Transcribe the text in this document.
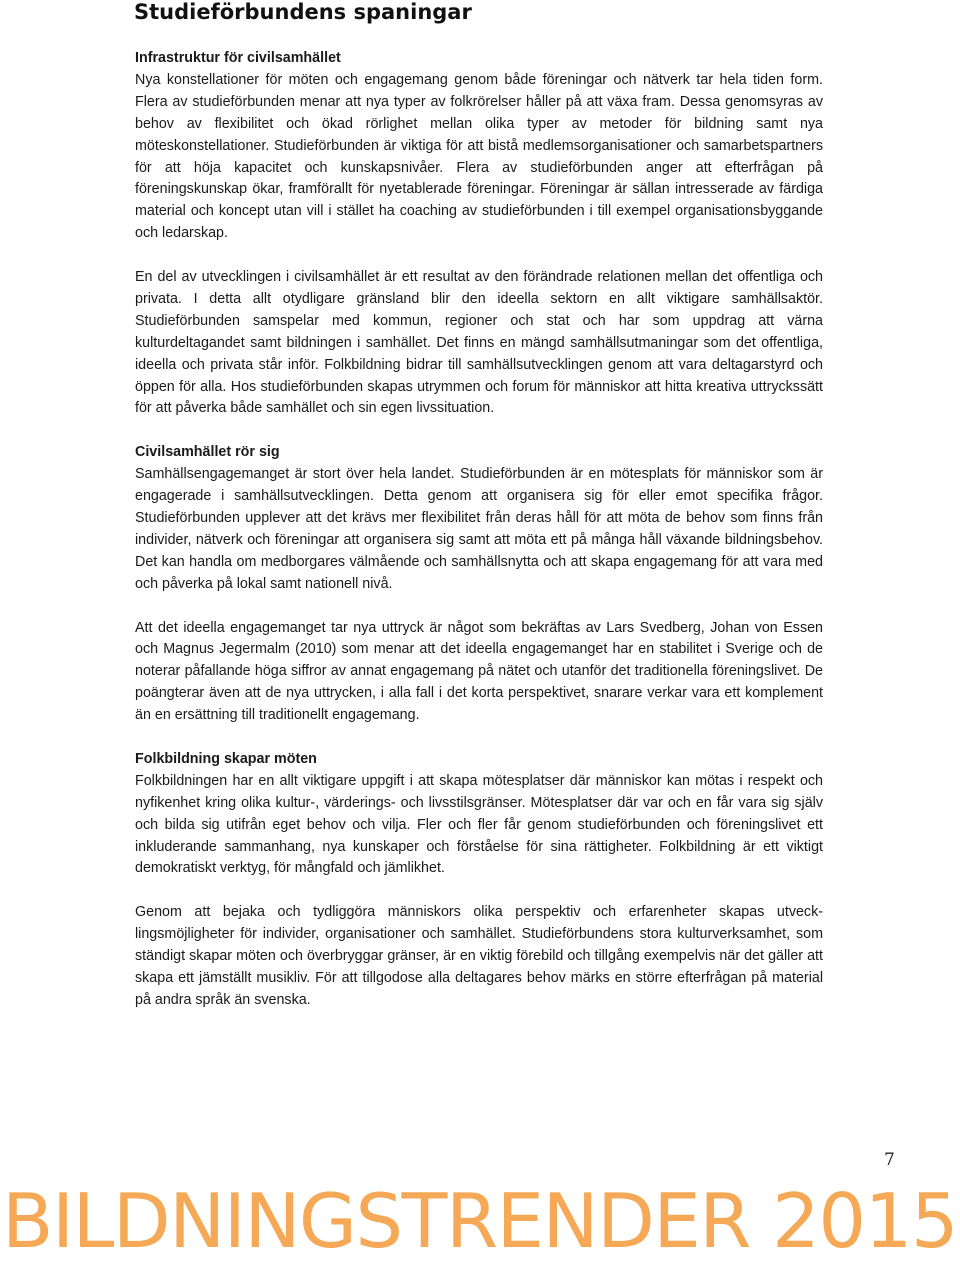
Studieförbundens spaningar
Infrastruktur för civilsamhället

Nya konstellationer för möten och engagemang genom både föreningar och nätverk tar hela tiden form. Flera av studieförbunden menar att nya typer av folkrörelser håller på att växa fram. Dessa genomsyras av behov av flexibilitet och ökad rörlighet mellan olika typer av metoder för bildning samt nya möteskonstellationer. Studieförbunden är viktiga för att bistå medlemsorganisationer och samarbetspartners för att höja kapacitet och kunskapsnivåer. Flera av studieförbunden anger att efterfrågan på föreningskunskap ökar, framförallt för nyetablerade föreningar. Föreningar är sällan intresserade av färdiga material och koncept utan vill i stället ha coaching av studieförbunden i till exempel organisationsbyggande och ledarskap.

En del av utvecklingen i civilsamhället är ett resultat av den förändrade relationen mellan det offentliga och privata. I detta allt otydligare gränsland blir den ideella sektorn en allt viktigare samhällsaktör. Studieförbunden samspelar med kommun, regioner och stat och har som uppdrag att värna kulturdeltagandet samt bildningen i samhället. Det finns en mängd samhällsutmaningar som det offentliga, ideella och privata står inför. Folkbildning bidrar till samhällsutvecklingen genom att vara deltagarstyrd och öppen för alla. Hos studieförbunden skapas utrymmen och forum för människor att hitta kreativa uttryckssätt för att påverka både samhället och sin egen livssituation.

Civilsamhället rör sig

Samhällsengagemanget är stort över hela landet. Studieförbunden är en mötesplats för människor som är engagerade i samhällsutvecklingen. Detta genom att organisera sig för eller emot specifika frågor. Studieförbunden upplever att det krävs mer flexibilitet från deras håll för att möta de behov som finns från individer, nätverk och föreningar att organisera sig samt att möta ett på många håll växande bildningsbehov. Det kan handla om medborgares välmående och samhällsnytta och att skapa engagemang för att vara med och påverka på lokal samt nationell nivå.

Att det ideella engagemanget tar nya uttryck är något som bekräftas av Lars Svedberg, Johan von Essen och Magnus Jegermalm (2010) som menar att det ideella engagemanget har en stabilitet i Sverige och de noterar påfallande höga siffror av annat engagemang på nätet och utanför det traditionella föreningslivet. De poängterar även att de nya uttrycken, i alla fall i det korta perspektivet, snarare verkar vara ett komplement än en ersättning till traditionellt engagemang.

Folkbildning skapar möten

Folkbildningen har en allt viktigare uppgift i att skapa mötesplatser där människor kan mötas i respekt och nyfikenhet kring olika kultur-, värderings- och livsstilsgränser. Mötesplatser där var och en får vara sig själv och bilda sig utifrån eget behov och vilja. Fler och fler får genom studieförbunden och föreningslivet ett inkluderande sammanhang, nya kunskaper och förståelse för sina rättigheter. Folkbildning är ett viktigt demokratiskt verktyg, för mångfald och jämlikhet.

Genom att bejaka och tydliggöra människors olika perspektiv och erfarenheter skapas utvecklingsmöjligheter för individer, organisationer och samhället. Studieförbundens stora kulturverksamhet, som ständigt skapar möten och överbryggar gränser, är en viktig förebild och tillgång exempelvis när det gäller att skapa ett jämställt musikliv. För att tillgodose alla deltagares behov märks en större efterfrågan på material på andra språk än svenska.

7
BILDNINGSTRENDER 2015
